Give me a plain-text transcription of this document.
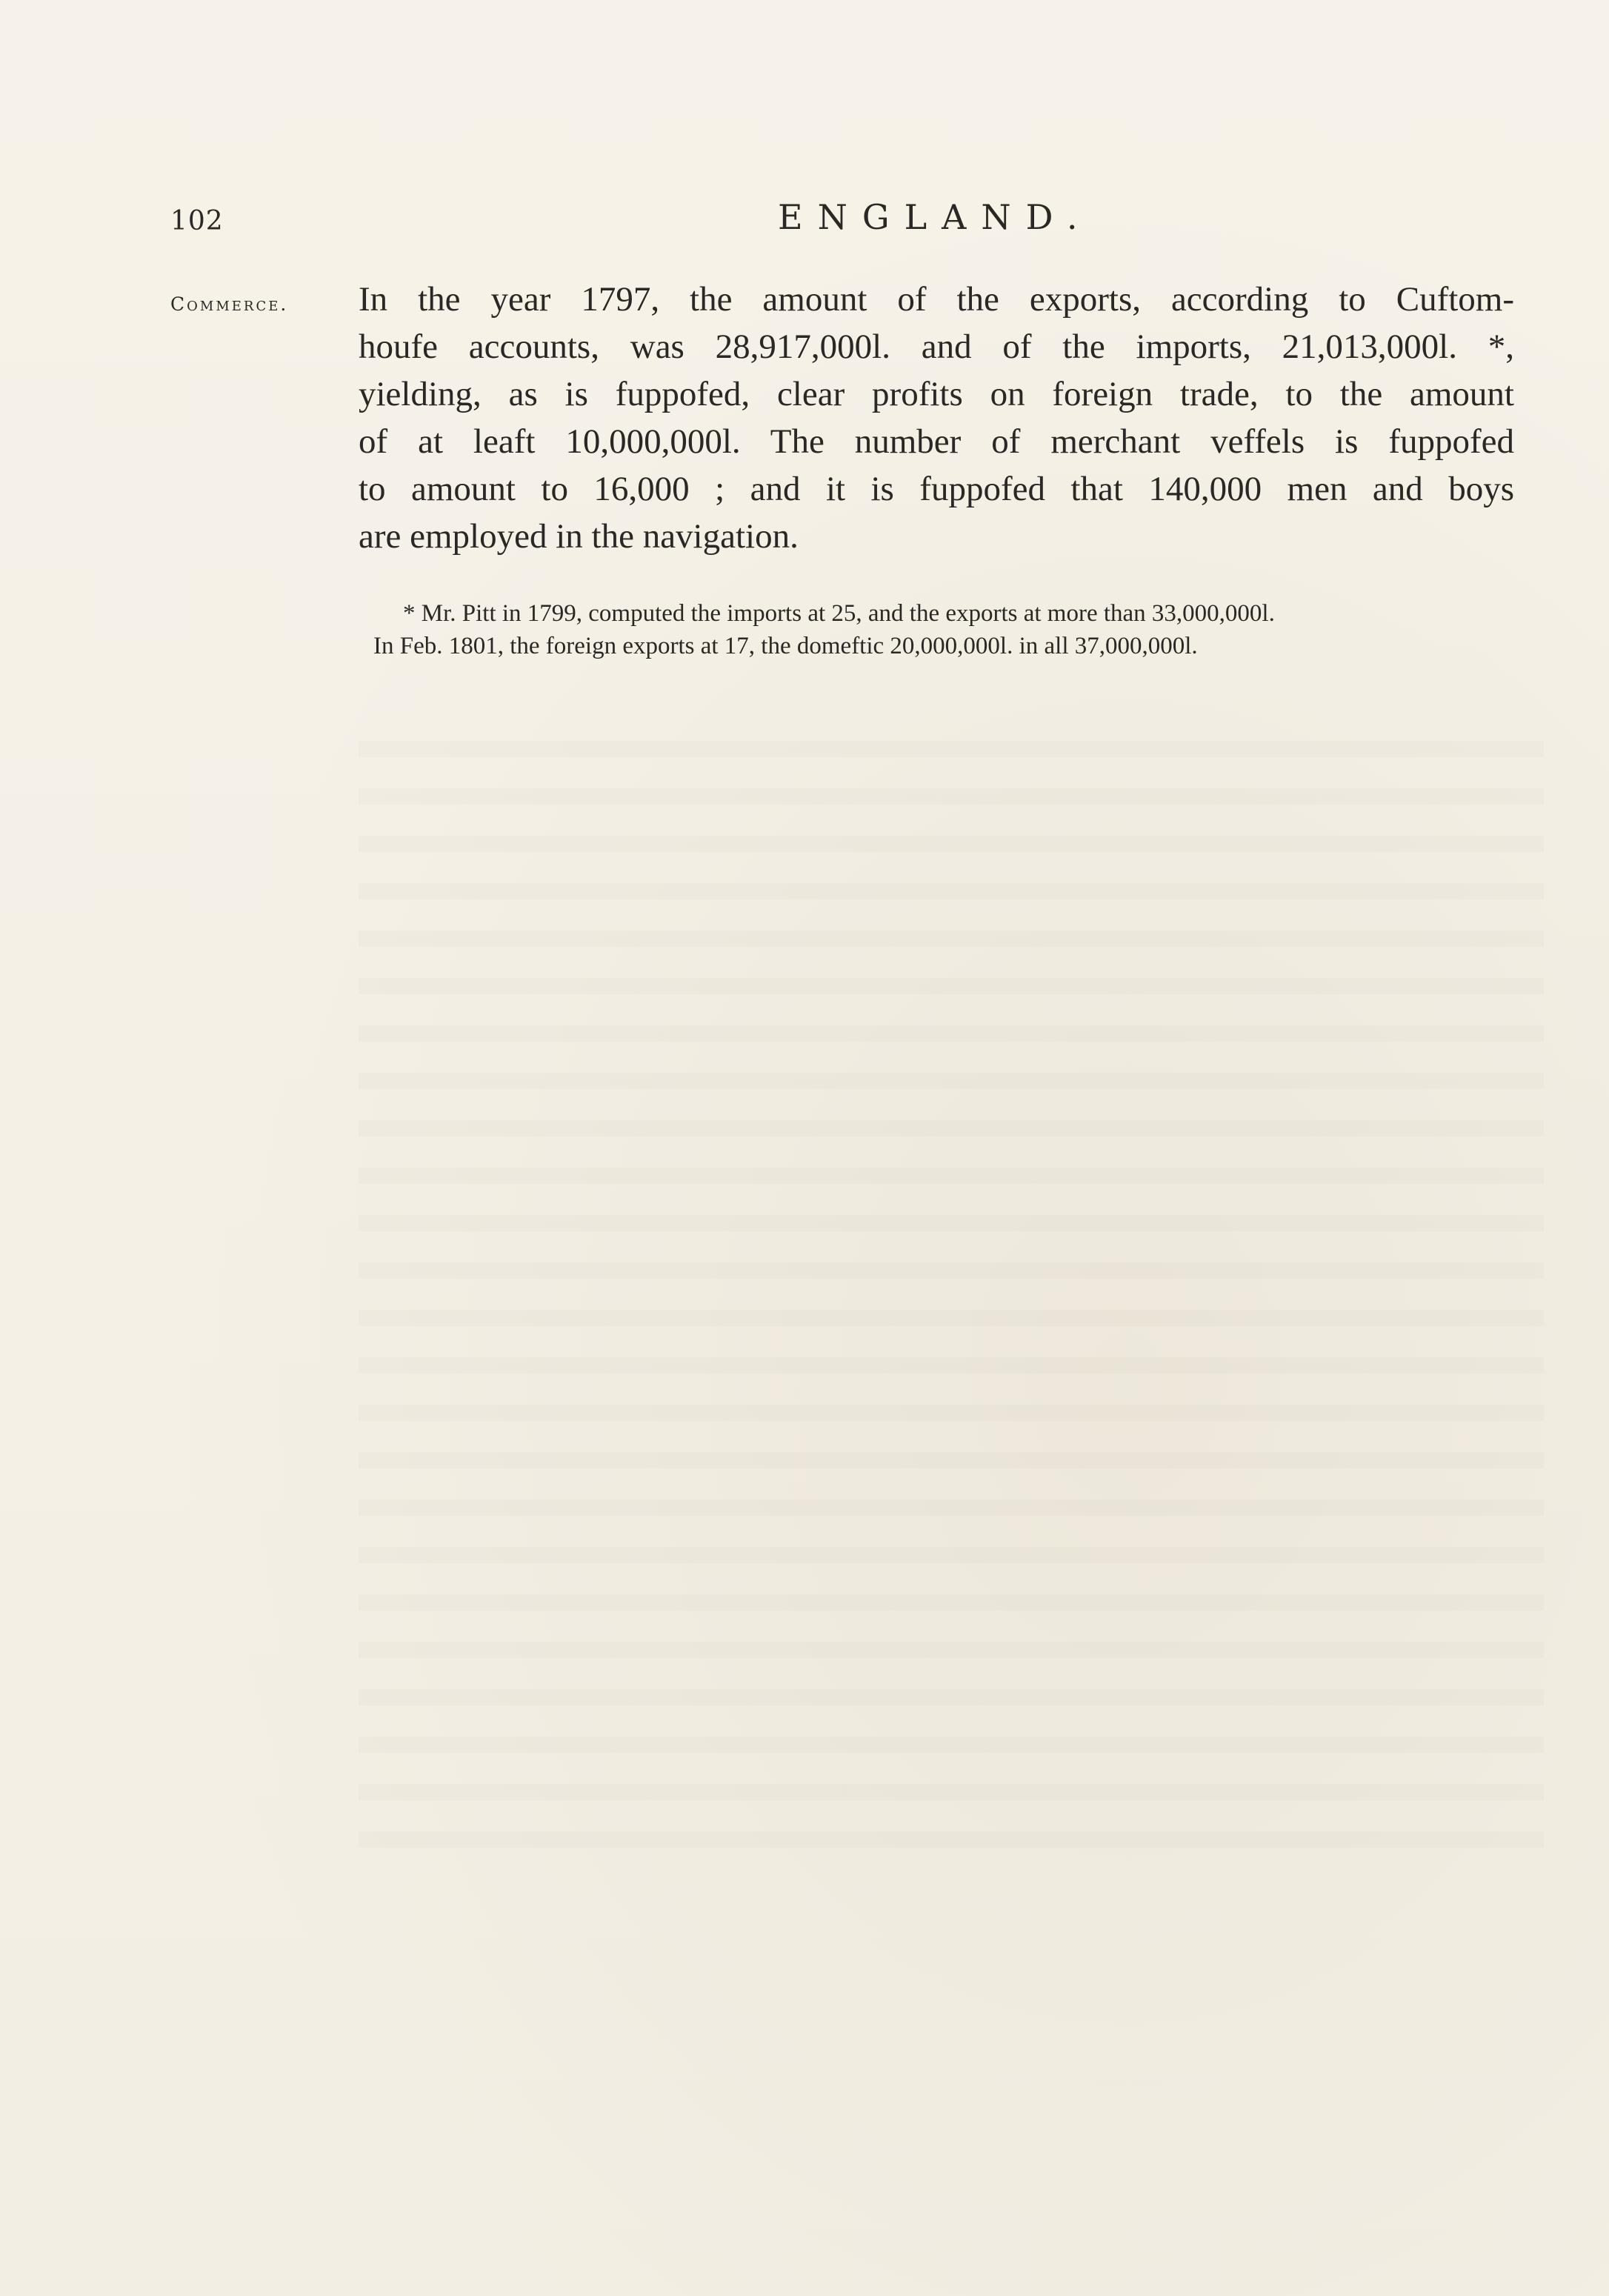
102	ENGLAND.
Commerce. In the year 1797, the amount of the exports, according to Cuftom-
houfe accounts, was 28,917,000l. and of the imports, 21,013,000l. *,
yielding, as is fuppofed, clear profits on foreign trade, to the amount
of at leaft 10,000,000l. The number of merchant veffels is fuppofed
to amount to 16,000 ; and it is fuppofed that 140,000 men and boys
are employed in the navigation.
* Mr. Pitt in 1799, computed the imports at 25, and the exports at more than 33,000,000l.
In Feb. 1801, the foreign exports at 17, the domeftic 20,000,000l. in all 37,000,000l.
